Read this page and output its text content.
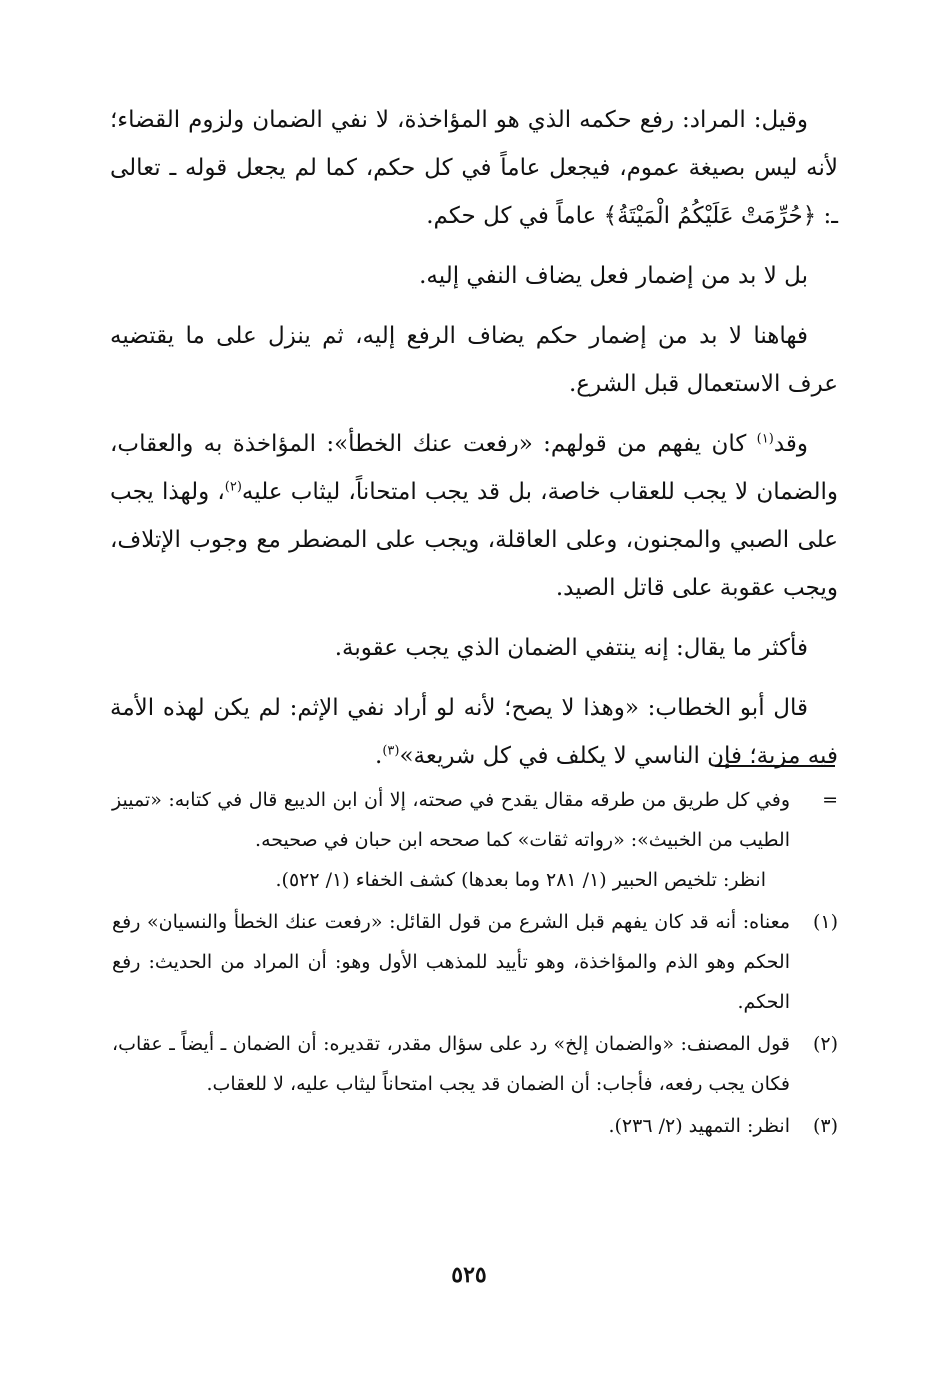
وقيل: المراد: رفع حكمه الذي هو المؤاخذة، لا نفي الضمان ولزوم القضاء؛ لأنه ليس بصيغة عموم، فيجعل عاماً في كل حكم، كما لم يجعل قوله ـ تعالى ـ: ﴿حُرِّمَتْ عَلَيْكُمُ الْمَيْتَةُ﴾ عاماً في كل حكم.

بل لا بد من إضمار فعل يضاف النفي إليه.

فهاهنا لا بد من إضمار حكم يضاف الرفع إليه، ثم ينزل على ما يقتضيه عرف الاستعمال قبل الشرع.

وقد$^{(١)}$ كان يفهم من قولهم: «رفعت عنك الخطأ»: المؤاخذة به والعقاب، والضمان لا يجب للعقاب خاصة، بل قد يجب امتحاناً، ليثاب عليه$^{(٢)}$، ولهذا يجب على الصبي والمجنون، وعلى العاقلة، ويجب على المضطر مع وجوب الإتلاف، ويجب عقوبة على قاتل الصيد.

فأكثر ما يقال: إنه ينتفي الضمان الذي يجب عقوبة.

قال أبو الخطاب: «وهذا لا يصح؛ لأنه لو أراد نفي الإثم: لم يكن لهذه الأمة فيه مزية؛ فإن الناسي لا يكلف في كل شريعة»$^{(٣)}$.

=

وفي كل طريق من طرقه مقال يقدح في صحته، إلا أن ابن الديبع قال في كتابه: «تمييز الطيب من الخبيث»: «رواته ثقات» كما صححه ابن حبان في صحيحه.

انظر: تلخيص الحبير (١/ ٢٨١ وما بعدها) كشف الخفاء (١/ ٥٢٢).

(١)

معناه: أنه قد كان يفهم قبل الشرع من قول القائل: «رفعت عنك الخطأ والنسيان» رفع الحكم وهو الذم والمؤاخذة، وهو تأييد للمذهب الأول وهو: أن المراد من الحديث: رفع الحكم.

(٢)

قول المصنف: «والضمان إلخ» رد على سؤال مقدر، تقديره: أن الضمان ـ أيضاً ـ عقاب، فكان يجب رفعه، فأجاب: أن الضمان قد يجب امتحاناً ليثاب عليه، لا للعقاب.

(٣)

انظر: التمهيد (٢/ ٢٣٦).

٥٢٥
